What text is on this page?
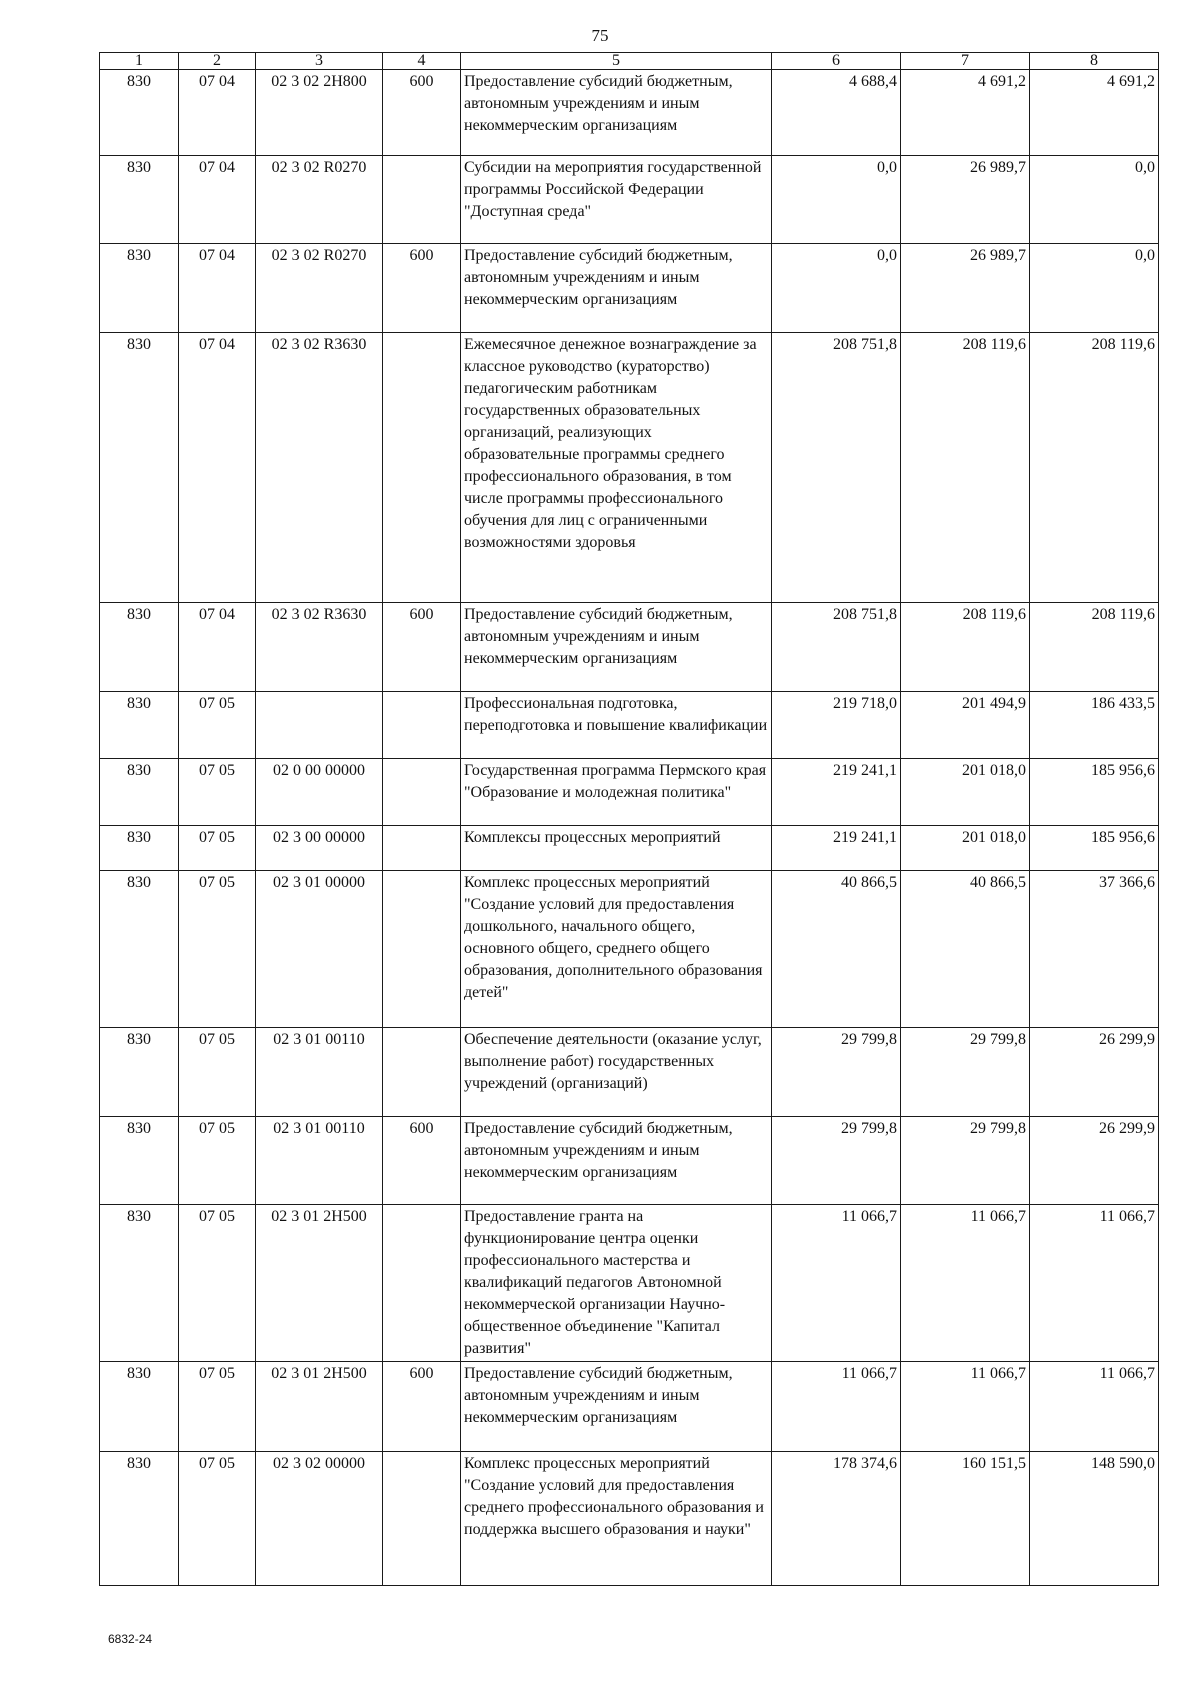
75
1	2	3	4	5	6	7	8
830	07 04	02 3 02 2Н800	600	Предоставление субсидий бюджетным, автономным учреждениям и иным некоммерческим организациям	4 688,4	4 691,2	4 691,2
830	07 04	02 3 02 R0270		Субсидии на мероприятия государственной программы Российской Федерации "Доступная среда"	0,0	26 989,7	0,0
830	07 04	02 3 02 R0270	600	Предоставление субсидий бюджетным, автономным учреждениям и иным некоммерческим организациям	0,0	26 989,7	0,0
830	07 04	02 3 02 R3630		Ежемесячное денежное вознаграждение за классное руководство (кураторство) педагогическим работникам государственных образовательных организаций, реализующих образовательные программы среднего профессионального образования, в том числе программы профессионального обучения для лиц с ограниченными возможностями здоровья	208 751,8	208 119,6	208 119,6
830	07 04	02 3 02 R3630	600	Предоставление субсидий бюджетным, автономным учреждениям и иным некоммерческим организациям	208 751,8	208 119,6	208 119,6
830	07 05			Профессиональная подготовка, переподготовка и повышение квалификации	219 718,0	201 494,9	186 433,5
830	07 05	02 0 00 00000		Государственная программа Пермского края "Образование и молодежная политика"	219 241,1	201 018,0	185 956,6
830	07 05	02 3 00 00000		Комплексы процессных мероприятий	219 241,1	201 018,0	185 956,6
830	07 05	02 3 01 00000		Комплекс процессных мероприятий "Создание условий для предоставления дошкольного, начального общего, основного общего, среднего общего образования, дополнительного образования детей"	40 866,5	40 866,5	37 366,6
830	07 05	02 3 01 00110		Обеспечение деятельности (оказание услуг, выполнение работ) государственных учреждений (организаций)	29 799,8	29 799,8	26 299,9
830	07 05	02 3 01 00110	600	Предоставление субсидий бюджетным, автономным учреждениям и иным некоммерческим организациям	29 799,8	29 799,8	26 299,9
830	07 05	02 3 01 2Н500		Предоставление гранта на функционирование центра оценки профессионального мастерства и квалификаций педагогов Автономной некоммерческой организации Научно-общественное объединение "Капитал развития"	11 066,7	11 066,7	11 066,7
830	07 05	02 3 01 2Н500	600	Предоставление субсидий бюджетным, автономным учреждениям и иным некоммерческим организациям	11 066,7	11 066,7	11 066,7
830	07 05	02 3 02 00000		Комплекс процессных мероприятий "Создание условий для предоставления среднего профессионального образования и поддержка высшего образования и науки"	178 374,6	160 151,5	148 590,0
6832-24
